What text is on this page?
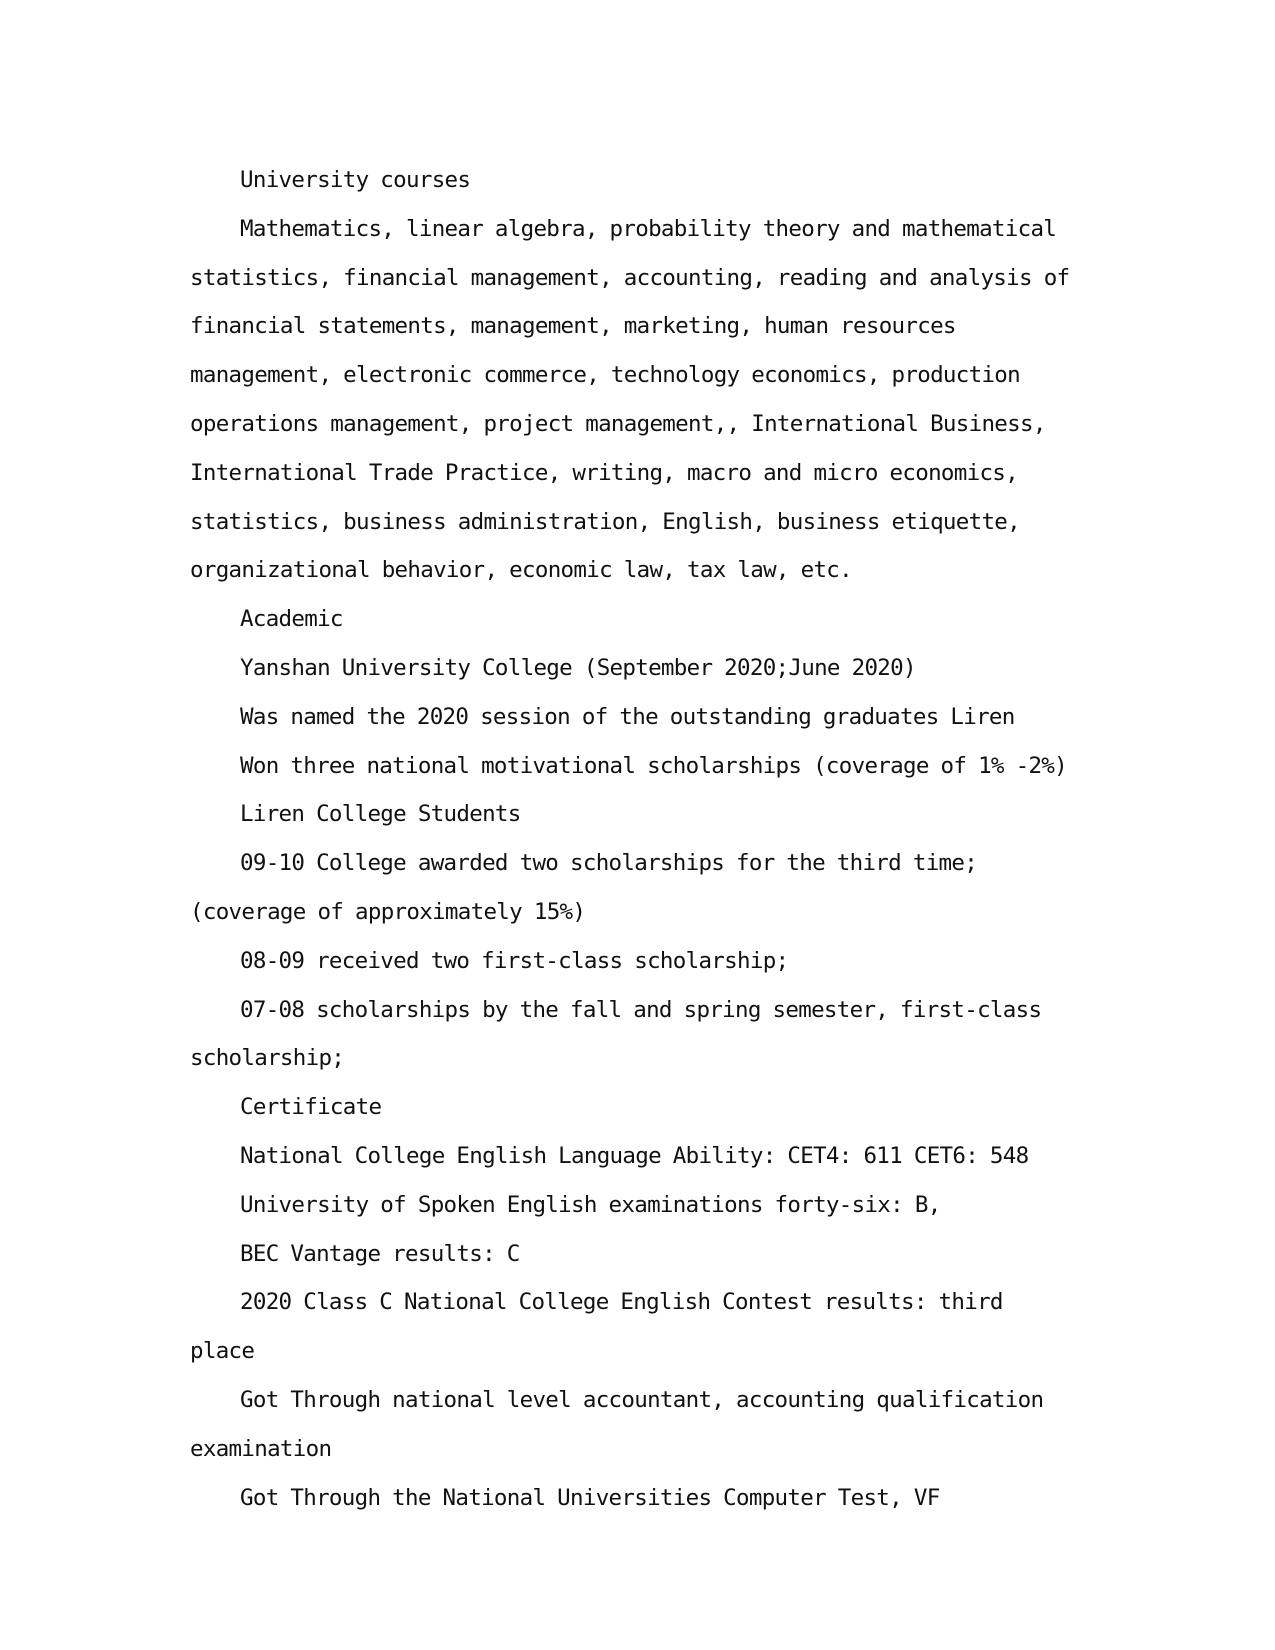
University courses

Mathematics, linear algebra, probability theory and mathematical statistics, financial management, accounting, reading and analysis of financial statements, management, marketing, human resources management, electronic commerce, technology economics, production operations management, project management,, International Business, International Trade Practice, writing, macro and micro economics, statistics, business administration, English, business etiquette, organizational behavior, economic law, tax law, etc.

Academic

Yanshan University College (September 2020;June 2020)

Was named the 2020 session of the outstanding graduates Liren

Won three national motivational scholarships (coverage of 1% -2%)

Liren College Students

09-10 College awarded two scholarships for the third time; (coverage of approximately 15%)

08-09 received two first-class scholarship;

07-08 scholarships by the fall and spring semester, first-class scholarship;

Certificate

National College English Language Ability: CET4: 611 CET6: 548

University of Spoken English examinations forty-six: B,

BEC Vantage results: C

2020 Class C National College English Contest results: third place

Got Through national level accountant, accounting qualification examination

Got Through the National Universities Computer Test, VF
